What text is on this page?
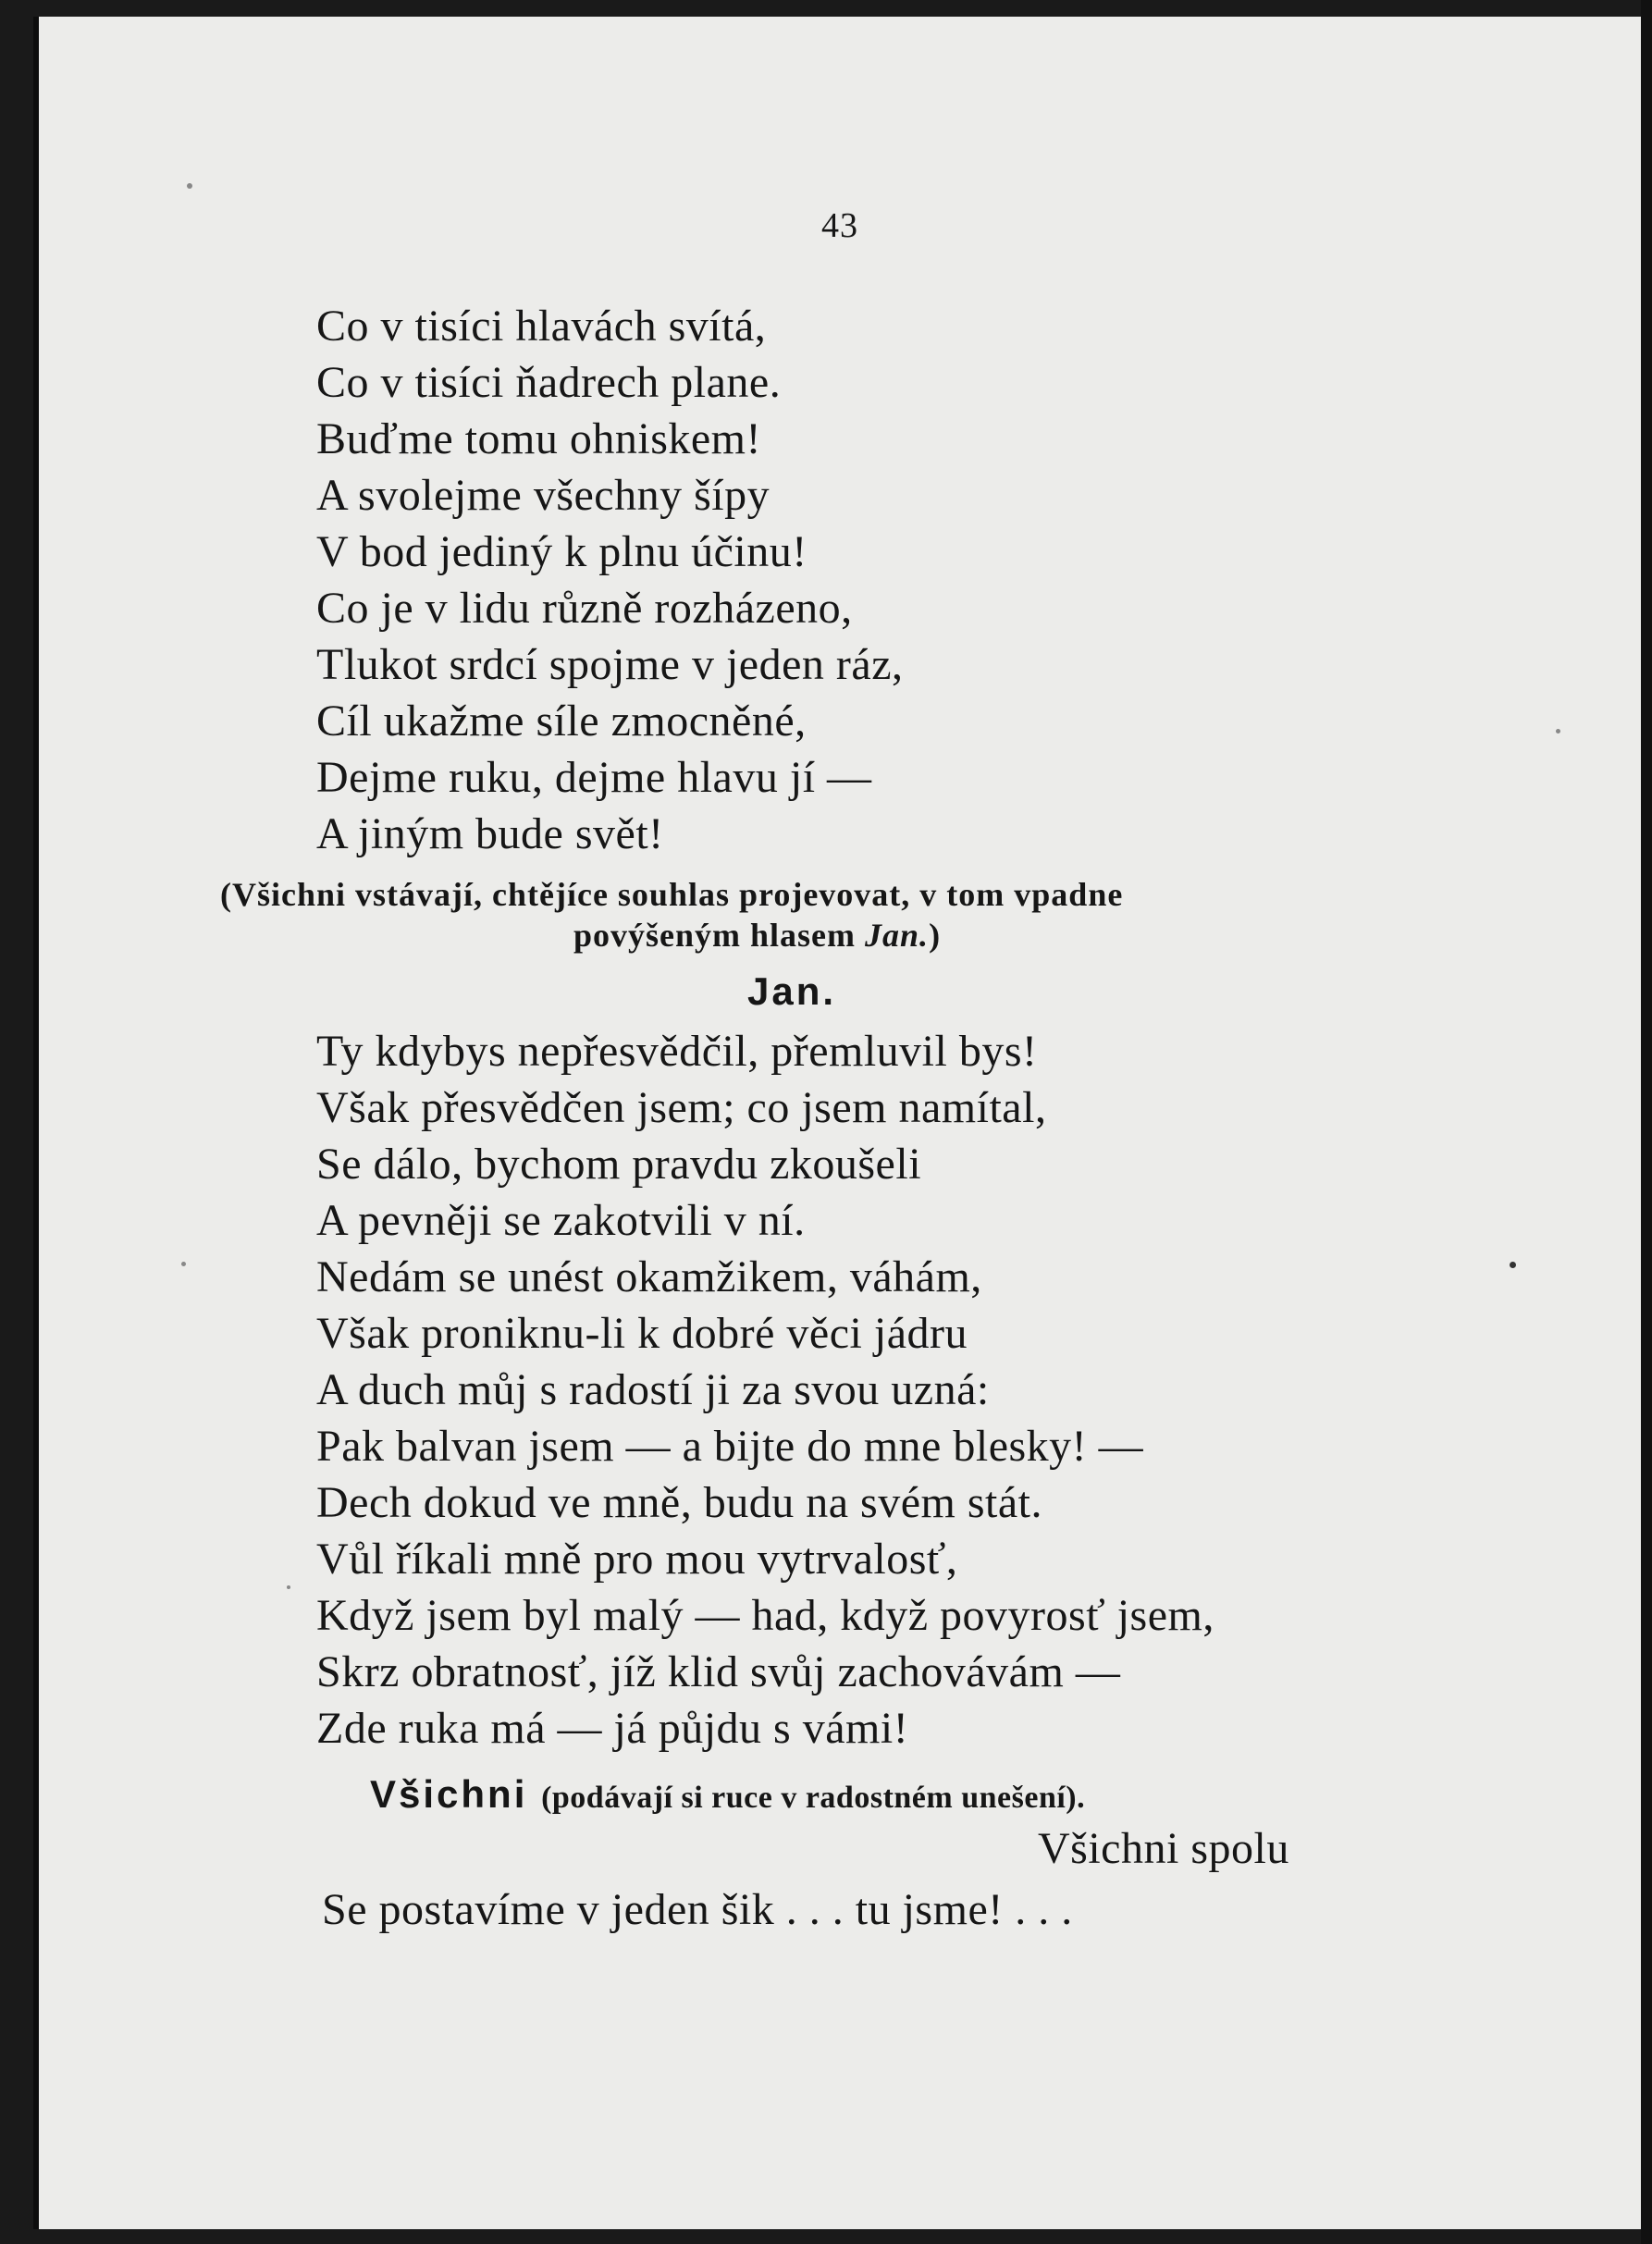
43
Co v tisíci hlavách svítá,
Co v tisíci ňadrech plane.
Buďme tomu ohniskem!
A svolejme všechny šípy
V bod jediný k plnu účinu!
Co je v lidu různě rozházeno,
Tlukot srdcí spojme v jeden ráz,
Cíl ukažme síle zmocněné,
Dejme ruku, dejme hlavu jí —
A jiným bude svět!
(Všichni vstávají, chtějíce souhlas projevovat, v tom vpadne
povýšeným hlasem Jan.)
Jan.
Ty kdybys nepřesvědčil, přemluvil bys!
Však přesvědčen jsem; co jsem namítal,
Se dálo, bychom pravdu zkoušeli
A pevněji se zakotvili v ní.
Nedám se unést okamžikem, váhám,
Však proniknu-li k dobré věci jádru
A duch můj s radostí ji za svou uzná:
Pak balvan jsem — a bijte do mne blesky! —
Dech dokud ve mně, budu na svém stát.
Vůl říkali mně pro mou vytrvalosť,
Když jsem byl malý — had, když povyrosť jsem,
Skrz obratnosť, jíž klid svůj zachovávám —
Zde ruka má — já půjdu s vámi!
Všichni (podávají si ruce v radostném unešení).
Všichni spolu
Se postavíme v jeden šik . . . tu jsme! . . .
